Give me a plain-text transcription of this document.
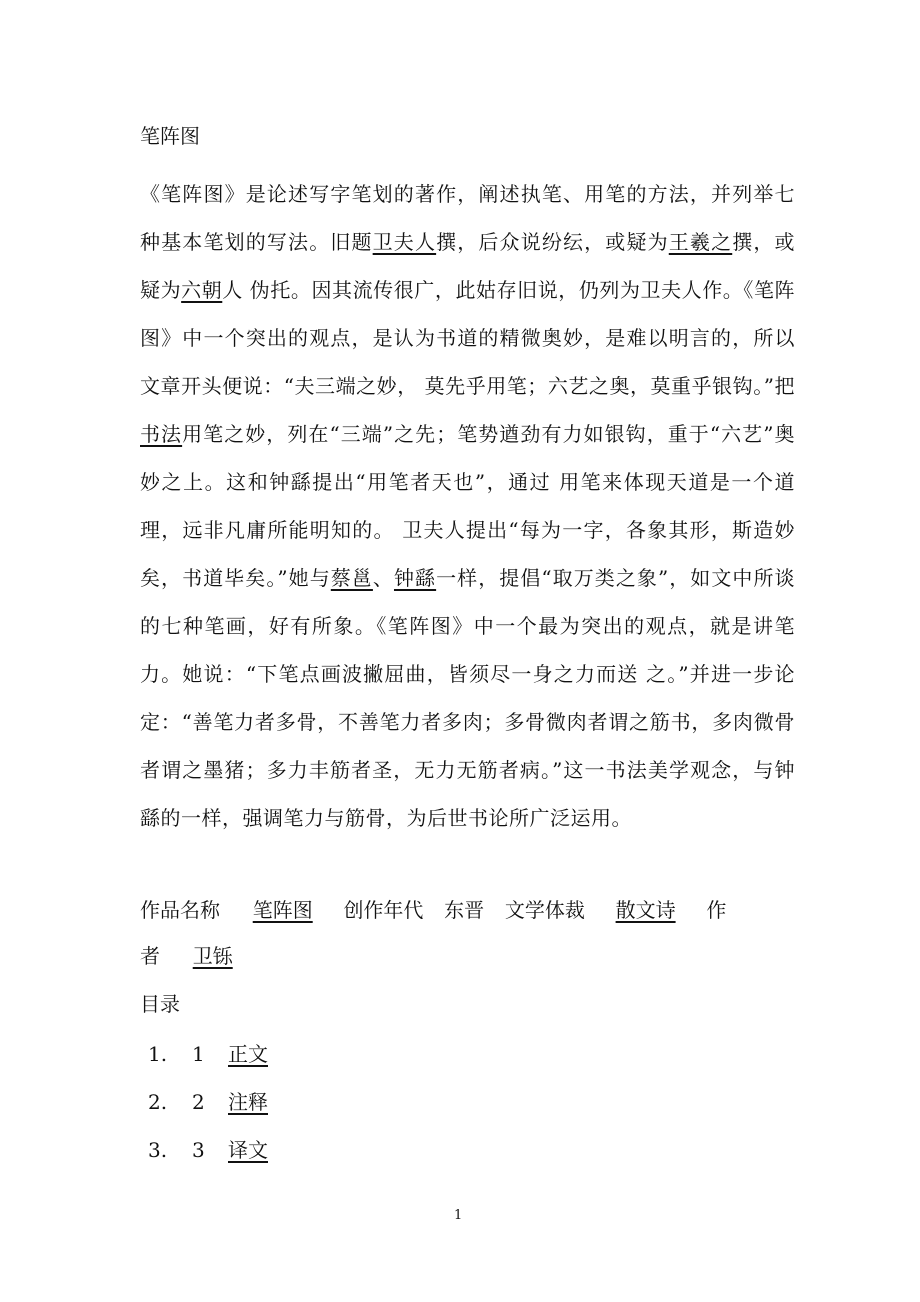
笔阵图

《笔阵图》是论述写字笔划的著作，阐述执笔、用笔的方法，并列举七种基本笔划的写法。旧题卫夫人撰，后众说纷纭，或疑为王羲之撰，或疑为六朝人 伪托。因其流传很广，此姑存旧说，仍列为卫夫人作。《笔阵图》中一个突出的观点，是认为书道的精微奥妙，是难以明言的，所以文章开头便说：“夫三端之妙， 莫先乎用笔；六艺之奥，莫重乎银钩。”把书法用笔之妙，列在“三端”之先；笔势遒劲有力如银钩，重于“六艺”奥妙之上。这和钟繇提出“用笔者天也”，通过 用笔来体现天道是一个道理，远非凡庸所能明知的。 卫夫人提出“每为一字，各象其形，斯造妙矣，书道毕矣。”她与蔡邕、钟繇一样，提倡“取万类之象”，如文中所谈的七种笔画，好有所象。《笔阵图》中一个最为突出的观点，就是讲笔力。她说：“下笔点画波撇屈曲，皆须尽一身之力而送 之。”并进一步论定：“善笔力者多骨，不善笔力者多肉；多骨微肉者谓之筋书，多肉微骨者谓之墨猪；多力丰筋者圣，无力无筋者病。”这一书法美学观念，与钟 繇的一样，强调笔力与筋骨，为后世书论所广泛运用。

作品名称 笔阵图 创作年代 东晋 文学体裁 散文诗 作
者 卫铄
目录
1. 1 正文
2. 2 注释
3. 3 译文
1
